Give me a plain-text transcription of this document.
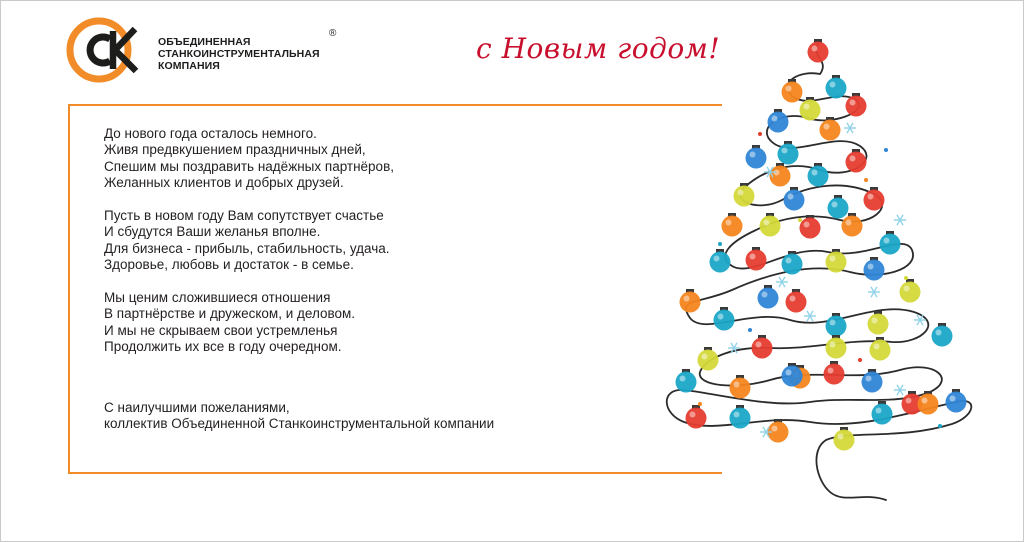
ОБЪЕДИНЕННАЯ
СТАНКОИНСТРУМЕНТАЛЬНАЯ
КОМПАНИЯ
®	с Новым годом!
До нового года осталось немного.
Живя предвкушением праздничных дней,
Спешим мы поздравить надёжных партнёров,
Желанных клиентов и добрых друзей.
Пусть в новом году Вам сопутствует счастье
И сбудутся Ваши желанья вполне.
Для бизнеса - прибыль, стабильность, удача.
Здоровье, любовь и достаток - в семье.
Мы ценим сложившиеся отношения
В партнёрстве и дружеском, и деловом.
И мы не скрываем свои устремленья
Продолжить их все в году очередном.
С наилучшими пожеланиями,
коллектив Объединенной Станкоинструментальной компании
